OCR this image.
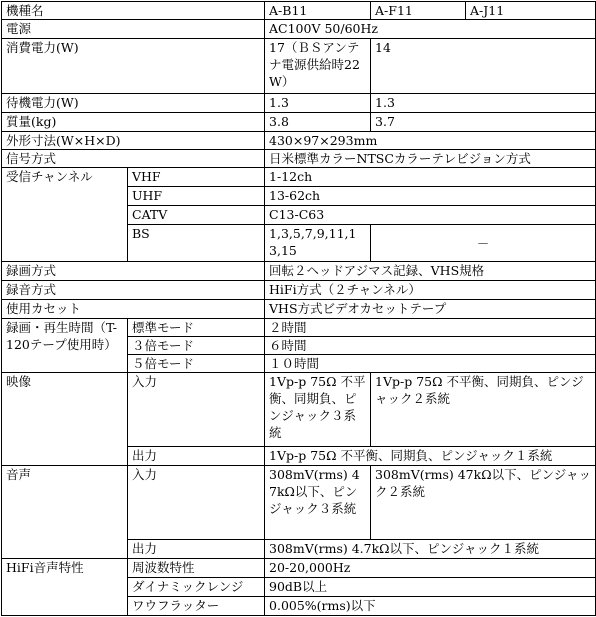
機種名		A-B11	A-F11	A-J11
電源		AC100V 50/60Hz		
消費電力(W)		17（ＢＳアンテナ電源供給時22W）	14	
待機電力(W)		1.3	1.3	
質量(kg)		3.8	3.7	
外形寸法(W×H×D)		430×97×293mm		
信号方式		日米標準カラーNTSCカラーテレビジョン方式		
受信チャンネル	VHF	1-12ch		
	UHF	13-62ch		
	CATV	C13-C63		
	BS	1,3,5,7,9,11,13,15	－	
録画方式		回転２ヘッドアジマス記録、VHS規格		
録音方式		HiFi方式（２チャンネル）		
使用カセット		VHS方式ビデオカセットテープ		
録画・再生時間（T-120テープ使用時）	標準モード	２時間		
	３倍モード	６時間		
	５倍モード	１０時間		
映像	入力	1Vp-p 75Ω 不平衡、同期負、ピンジャック３系統	1Vp-p 75Ω 不平衡、同期負、ピンジャック２系統	
	出力	1Vp-p 75Ω 不平衡、同期負、ピンジャック１系統		
音声	入力	308mV(rms) 47kΩ以下、ピンジャック３系統	308mV(rms) 47kΩ以下、ピンジャック２系統	
	出力	308mV(rms) 4.7kΩ以下、ピンジャック１系統		
HiFi音声特性	周波数特性	20-20,000Hz		
	ダイナミックレンジ	90dB以上		
	ワウフラッター	0.005%(rms)以下		
